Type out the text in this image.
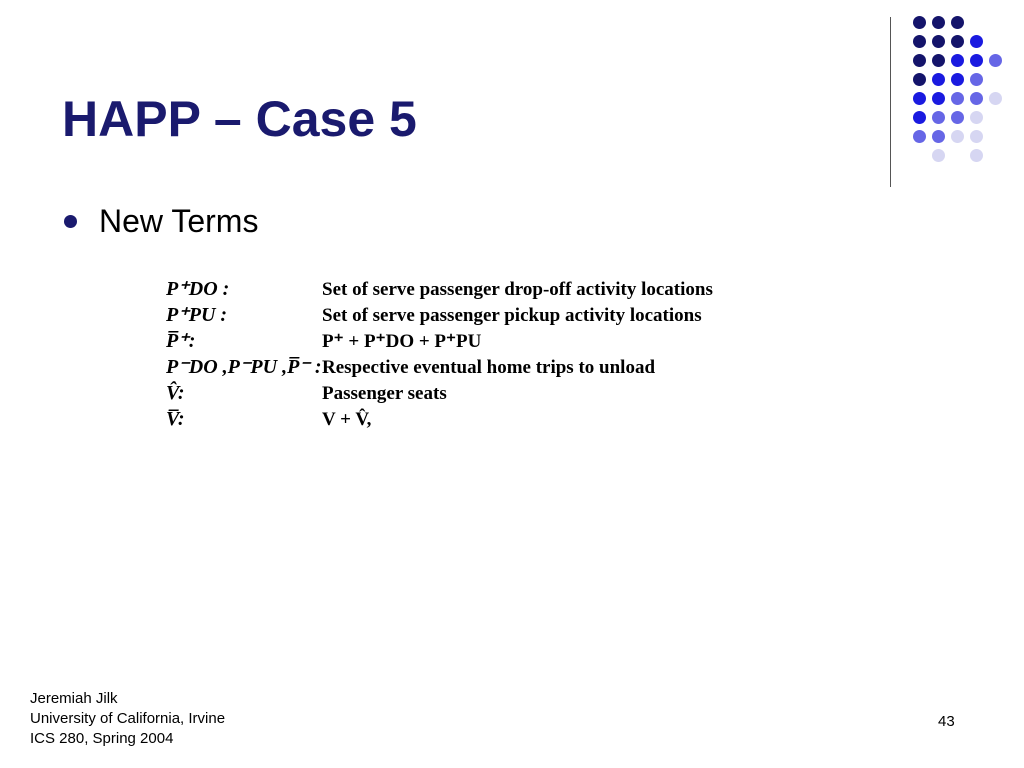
HAPP – Case 5
New Terms
P⁺DO :	Set of serve passenger drop-off activity locations
P⁺PU :	Set of serve passenger pickup activity locations
P̅⁺:	P⁺ + P⁺DO + P⁺PU
P⁻DO ,P⁻PU ,P̅⁻ : Respective eventual home trips to unload
V̂:	Passenger seats
V̅:	V + V̂,
Jeremiah Jilk
University of California, Irvine
ICS 280, Spring 2004
43
